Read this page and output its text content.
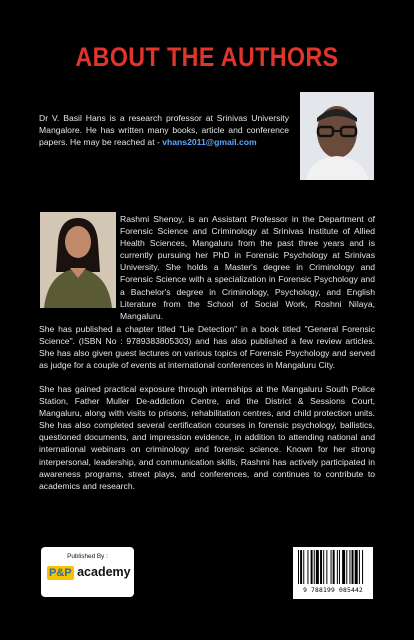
ABOUT THE AUTHORS
Dr V. Basil Hans is a research professor at Srinivas University Mangalore. He has written many books, article and conference papers. He may be reached at - vhans2011@gmail.com
Rashmi Shenoy, is an Assistant Professor in the Department of Forensic Science and Criminology at Srinivas Institute of Allied Health Sciences, Mangaluru from the past three years and is currently pursuing her PhD in Forensic Psychology at Srinivas University. She holds a Master's degree in Criminology and Forensic Science with a specialization in Forensic Psychology and a Bachelor's degree in Criminology, Psychology, and English Literature from the School of Social Work, Roshni Nilaya, Mangaluru.
She has published a chapter titled "Lie Detection" in a book titled "General Forensic Science". (ISBN No : 9789383805303) and has also published a few review articles. She has also given guest lectures on various topics of Forensic Psychology and served as judge for a couple of events at international conferences in Mangaluru City.
She has gained practical exposure through internships at the Mangaluru South Police Station, Father Muller De-addiction Centre, and the District & Sessions Court, Mangaluru, along with visits to prisons, rehabilitation centres, and child protection units. She has also completed several certification courses in forensic psychology, ballistics, questioned documents, and impression evidence, in addition to attending national and international webinars on criminology and forensic science. Known for her strong interpersonal, leadership, and communication skills, Rashmi has actively participated in awareness programs, street plays, and conferences, and continues to contribute to academics and research.
Published By :
P&P academy
9 788199 085442
